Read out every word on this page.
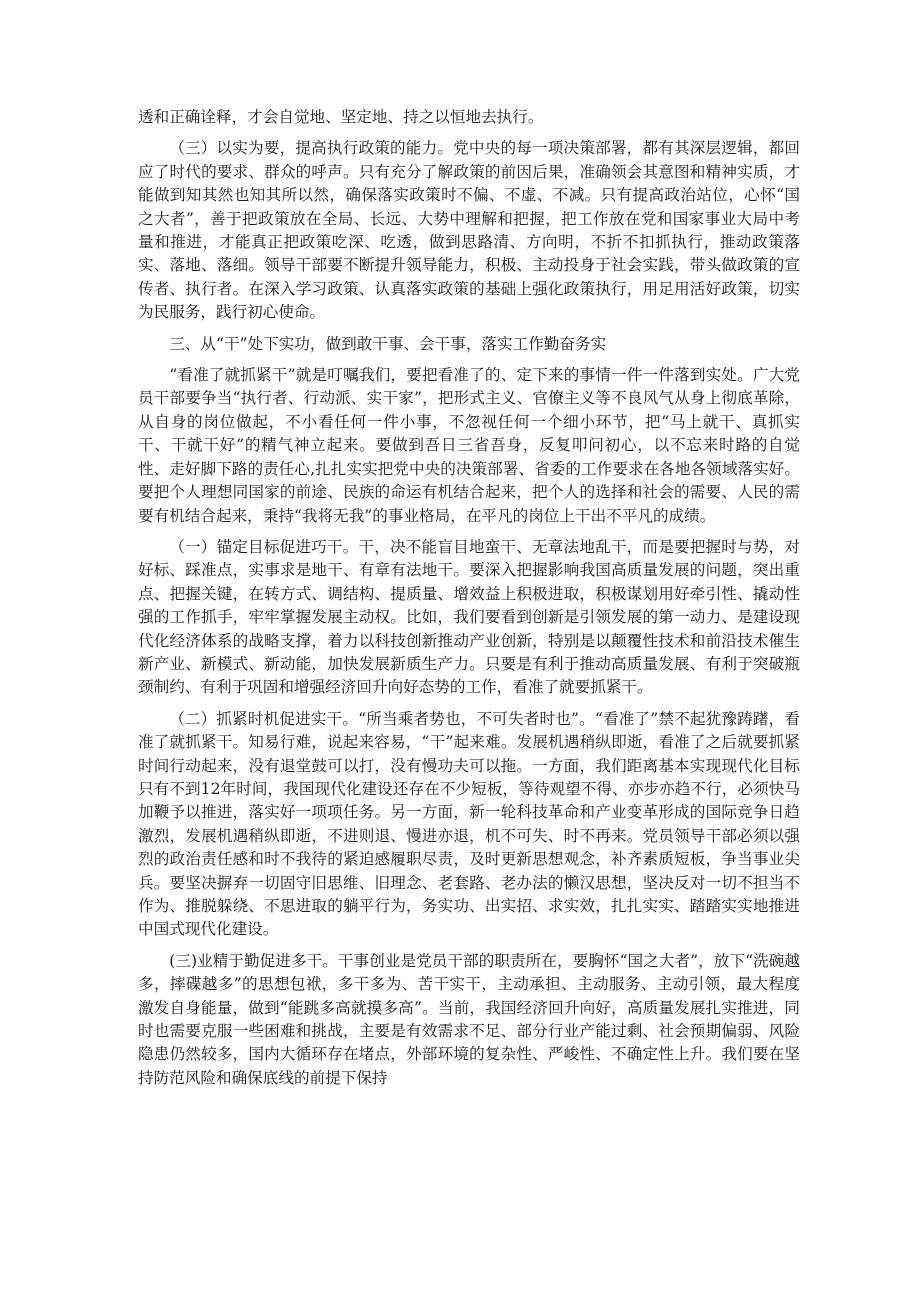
透和正确诠释，才会自觉地、坚定地、持之以恒地去执行。

（三）以实为要，提高执行政策的能力。党中央的每一项决策部署，都有其深层逻辑，都回应了时代的要求、群众的呼声。只有充分了解政策的前因后果，准确领会其意图和精神实质，才能做到知其然也知其所以然，确保落实政策时不偏、不虚、不减。只有提高政治站位，心怀“国之大者”，善于把政策放在全局、长远、大势中理解和把握，把工作放在党和国家事业大局中考量和推进，才能真正把政策吃深、吃透，做到思路清、方向明，不折不扣抓执行，推动政策落实、落地、落细。领导干部要不断提升领导能力，积极、主动投身于社会实践，带头做政策的宣传者、执行者。在深入学习政策、认真落实政策的基础上强化政策执行，用足用活好政策，切实为民服务，践行初心使命。

三、从“干”处下实功，做到敢干事、会干事，落实工作勤奋务实

“看准了就抓紧干”就是叮嘱我们，要把看准了的、定下来的事情一件一件落到实处。广大党员干部要争当“执行者、行动派、实干家”，把形式主义、官僚主义等不良风气从身上彻底革除，从自身的岗位做起，不小看任何一件小事，不忽视任何一个细小环节，把“马上就干、真抓实干、干就干好”的精气神立起来。要做到吾日三省吾身，反复叩问初心，以不忘来时路的自觉性、走好脚下路的责任心,扎扎实实把党中央的决策部署、省委的工作要求在各地各领域落实好。要把个人理想同国家的前途、民族的命运有机结合起来，把个人的选择和社会的需要、人民的需要有机结合起来，秉持“我将无我”的事业格局，在平凡的岗位上干出不平凡的成绩。

（一）锚定目标促进巧干。干，决不能盲目地蛮干、无章法地乱干，而是要把握时与势，对好标、踩准点，实事求是地干、有章有法地干。要深入把握影响我国高质量发展的问题，突出重点、把握关键，在转方式、调结构、提质量、增效益上积极进取，积极谋划用好牵引性、撬动性强的工作抓手，牢牢掌握发展主动权。比如，我们要看到创新是引领发展的第一动力、是建设现代化经济体系的战略支撑，着力以科技创新推动产业创新，特别是以颠覆性技术和前沿技术催生新产业、新模式、新动能，加快发展新质生产力。只要是有利于推动高质量发展、有利于突破瓶颈制约、有利于巩固和增强经济回升向好态势的工作，看准了就要抓紧干。

（二）抓紧时机促进实干。“所当乘者势也，不可失者时也”。“看准了”禁不起犹豫踌躇，看准了就抓紧干。知易行难，说起来容易，“干”起来难。发展机遇稍纵即逝，看准了之后就要抓紧时间行动起来，没有退堂鼓可以打，没有慢功夫可以拖。一方面，我们距离基本实现现代化目标只有不到12年时间，我国现代化建设还存在不少短板，等待观望不得、亦步亦趋不行，必须快马加鞭予以推进，落实好一项项任务。另一方面，新一轮科技革命和产业变革形成的国际竞争日趋激烈，发展机遇稍纵即逝，不进则退、慢进亦退，机不可失、时不再来。党员领导干部必须以强烈的政治责任感和时不我待的紧迫感履职尽责，及时更新思想观念，补齐素质短板，争当事业尖兵。要坚决摒弃一切固守旧思维、旧理念、老套路、老办法的懒汉思想，坚决反对一切不担当不作为、推脱躲绕、不思进取的躺平行为，务实功、出实招、求实效，扎扎实实、踏踏实实地推进中国式现代化建设。

(三)业精于勤促进多干。干事创业是党员干部的职责所在，要胸怀“国之大者”，放下“洗碗越多，摔碟越多”的思想包袱，多干多为、苦干实干，主动承担、主动服务、主动引领，最大程度激发自身能量，做到“能跳多高就摸多高”。当前，我国经济回升向好，高质量发展扎实推进，同时也需要克服一些困难和挑战，主要是有效需求不足、部分行业产能过剩、社会预期偏弱、风险隐患仍然较多，国内大循环存在堵点，外部环境的复杂性、严峻性、不确定性上升。我们要在坚持防范风险和确保底线的前提下保持
